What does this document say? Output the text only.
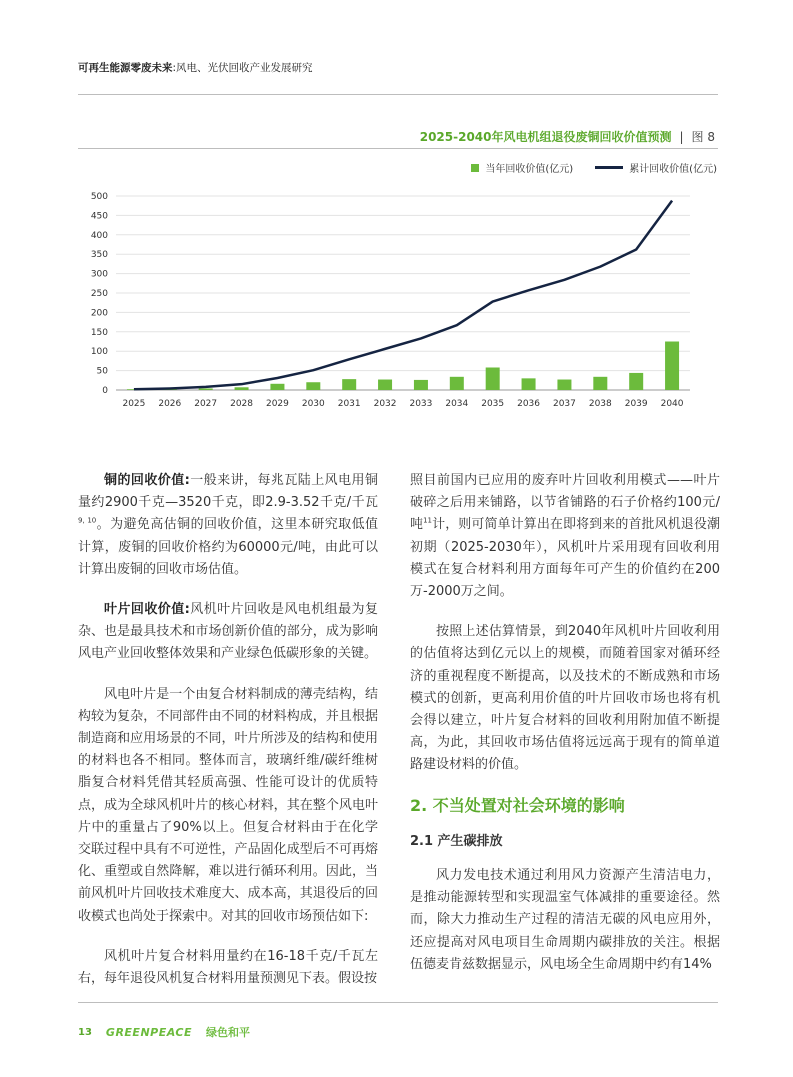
可再生能源零废未来:风电、光伏回收产业发展研究
2025-2040年风电机组退役废铜回收价值预测 | 图 8
当年回收价值(亿元)	累计回收价值(亿元)
0
50
100
150
200
250
300
350
400
450
500
2025 2026 2027 2028 2029 2030 2031 2032 2033 2034 2035 2036 2037 2038 2039 2040

铜的回收价值:一般来讲，每兆瓦陆上风电用铜量约2900千克—3520千克，即2.9-3.52千克/千瓦$^{9, 10}$。为避免高估铜的回收价值，这里本研究取低值计算，废铜的回收价格约为60000元/吨，由此可以计算出废铜的回收市场估值。

叶片回收价值:风机叶片回收是风电机组最为复杂、也是最具技术和市场创新价值的部分，成为影响风电产业回收整体效果和产业绿色低碳形象的关键。

风电叶片是一个由复合材料制成的薄壳结构，结构较为复杂，不同部件由不同的材料构成，并且根据制造商和应用场景的不同，叶片所涉及的结构和使用的材料也各不相同。整体而言，玻璃纤维/碳纤维树脂复合材料凭借其轻质高强、性能可设计的优质特点，成为全球风机叶片的核心材料，其在整个风电叶片中的重量占了90%以上。但复合材料由于在化学交联过程中具有不可逆性，产品固化成型后不可再熔化、重塑或自然降解，难以进行循环利用。因此，当前风机叶片回收技术难度大、成本高，其退役后的回收模式也尚处于探索中。对其的回收市场预估如下:

风机叶片复合材料用量约在16-18千克/千瓦左右，每年退役风机复合材料用量预测见下表。假设按

照目前国内已应用的废弃叶片回收利用模式——叶片破碎之后用来铺路，以节省铺路的石子价格约100元/吨$^{11}$计，则可简单计算出在即将到来的首批风机退役潮初期（2025-2030年），风机叶片采用现有回收利用模式在复合材料利用方面每年可产生的价值约在200万-2000万之间。

按照上述估算情景，到2040年风机叶片回收利用的估值将达到亿元以上的规模，而随着国家对循环经济的重视程度不断提高，以及技术的不断成熟和市场模式的创新，更高利用价值的叶片回收市场也将有机会得以建立，叶片复合材料的回收利用附加值不断提高，为此，其回收市场估值将远远高于现有的简单道路建设材料的价值。

2. 不当处置对社会环境的影响
2.1 产生碳排放

风力发电技术通过利用风力资源产生清洁电力，是推动能源转型和实现温室气体减排的重要途径。然而，除大力推动生产过程的清洁无碳的风电应用外，还应提高对风电项目生命周期内碳排放的关注。根据伍德麦肯兹数据显示，风电场全生命周期中约有14%

13 GREENPEACE 绿色和平
